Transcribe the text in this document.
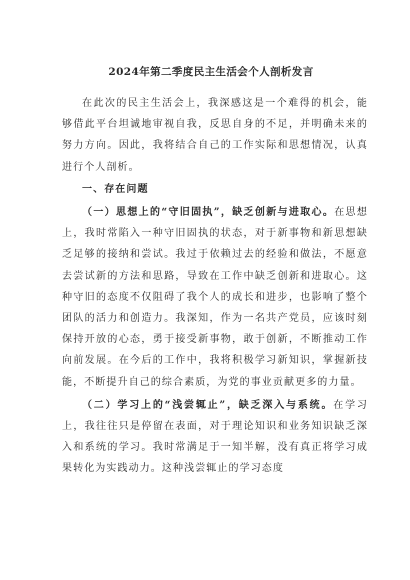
2024年第二季度民主生活会个人剖析发言

在此次的民主生活会上，我深感这是一个难得的机会，能够借此平台坦诚地审视自我，反思自身的不足，并明确未来的努力方向。因此，我将结合自己的工作实际和思想情况，认真进行个人剖析。

一、存在问题

（一）思想上的“守旧固执”，缺乏创新与进取心。在思想上，我时常陷入一种守旧固执的状态，对于新事物和新思想缺乏足够的接纳和尝试。我过于依赖过去的经验和做法，不愿意去尝试新的方法和思路，导致在工作中缺乏创新和进取心。这种守旧的态度不仅阻碍了我个人的成长和进步，也影响了整个团队的活力和创造力。我深知，作为一名共产党员，应该时刻保持开放的心态，勇于接受新事物，敢于创新，不断推动工作向前发展。在今后的工作中，我将积极学习新知识，掌握新技能，不断提升自己的综合素质，为党的事业贡献更多的力量。

（二）学习上的“浅尝辄止”，缺乏深入与系统。在学习上，我往往只是停留在表面，对于理论知识和业务知识缺乏深入和系统的学习。我时常满足于一知半解，没有真正将学习成果转化为实践动力。这种浅尝辄止的学习态度
